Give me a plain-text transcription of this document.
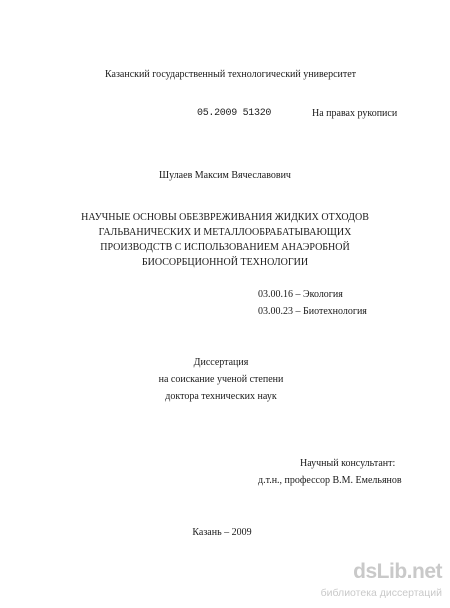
Казанский государственный технологический университет
05.2009 51320	На правах рукописи
Шулаев Максим Вячеславович
НАУЧНЫЕ ОСНОВЫ ОБЕЗВРЕЖИВАНИЯ ЖИДКИХ ОТХОДОВ
ГАЛЬВАНИЧЕСКИХ И МЕТАЛЛООБРАБАТЫВАЮЩИХ
ПРОИЗВОДСТВ С ИСПОЛЬЗОВАНИЕМ АНАЭРОБНОЙ
БИОСОРБЦИОННОЙ ТЕХНОЛОГИИ
03.00.16 – Экология
03.00.23 – Биотехнология
Диссертация
на соискание ученой степени
доктора технических наук
Научный консультант:
д.т.н., профессор В.М. Емельянов
Казань – 2009
dsLib.net
библиотека диссертаций
